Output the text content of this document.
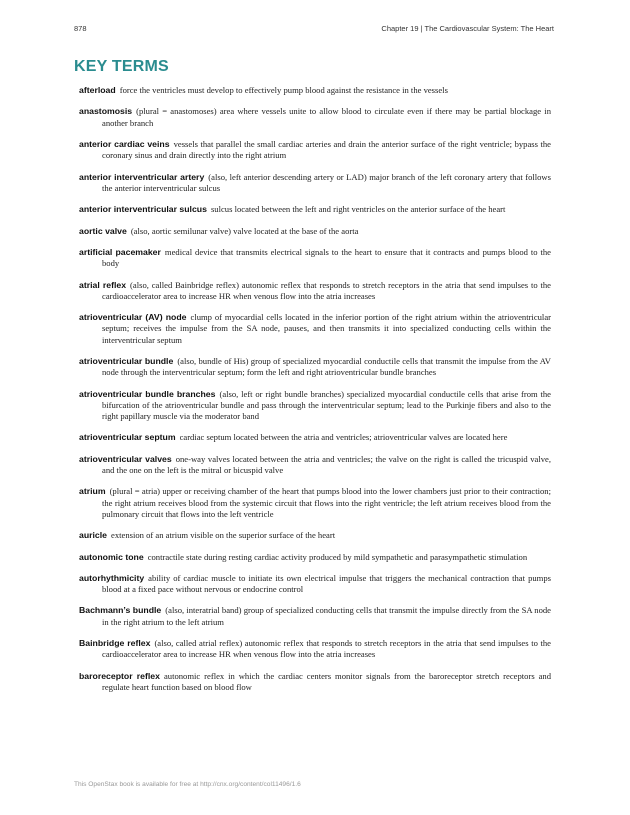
878	Chapter 19 | The Cardiovascular System: The Heart
KEY TERMS

afterload force the ventricles must develop to effectively pump blood against the resistance in the vessels

anastomosis (plural = anastomoses) area where vessels unite to allow blood to circulate even if there may be partial blockage in another branch

anterior cardiac veins vessels that parallel the small cardiac arteries and drain the anterior surface of the right ventricle; bypass the coronary sinus and drain directly into the right atrium

anterior interventricular artery (also, left anterior descending artery or LAD) major branch of the left coronary artery that follows the anterior interventricular sulcus

anterior interventricular sulcus sulcus located between the left and right ventricles on the anterior surface of the heart

aortic valve (also, aortic semilunar valve) valve located at the base of the aorta

artificial pacemaker medical device that transmits electrical signals to the heart to ensure that it contracts and pumps blood to the body

atrial reflex (also, called Bainbridge reflex) autonomic reflex that responds to stretch receptors in the atria that send impulses to the cardioaccelerator area to increase HR when venous flow into the atria increases

atrioventricular (AV) node clump of myocardial cells located in the inferior portion of the right atrium within the atrioventricular septum; receives the impulse from the SA node, pauses, and then transmits it into specialized conducting cells within the interventricular septum

atrioventricular bundle (also, bundle of His) group of specialized myocardial conductile cells that transmit the impulse from the AV node through the interventricular septum; form the left and right atrioventricular bundle branches

atrioventricular bundle branches (also, left or right bundle branches) specialized myocardial conductile cells that arise from the bifurcation of the atrioventricular bundle and pass through the interventricular septum; lead to the Purkinje fibers and also to the right papillary muscle via the moderator band

atrioventricular septum cardiac septum located between the atria and ventricles; atrioventricular valves are located here

atrioventricular valves one-way valves located between the atria and ventricles; the valve on the right is called the tricuspid valve, and the one on the left is the mitral or bicuspid valve

atrium (plural = atria) upper or receiving chamber of the heart that pumps blood into the lower chambers just prior to their contraction; the right atrium receives blood from the systemic circuit that flows into the right ventricle; the left atrium receives blood from the pulmonary circuit that flows into the left ventricle

auricle extension of an atrium visible on the superior surface of the heart

autonomic tone contractile state during resting cardiac activity produced by mild sympathetic and parasympathetic stimulation

autorhythmicity ability of cardiac muscle to initiate its own electrical impulse that triggers the mechanical contraction that pumps blood at a fixed pace without nervous or endocrine control

Bachmann’s bundle (also, interatrial band) group of specialized conducting cells that transmit the impulse directly from the SA node in the right atrium to the left atrium

Bainbridge reflex (also, called atrial reflex) autonomic reflex that responds to stretch receptors in the atria that send impulses to the cardioaccelerator area to increase HR when venous flow into the atria increases

baroreceptor reflex autonomic reflex in which the cardiac centers monitor signals from the baroreceptor stretch receptors and regulate heart function based on blood flow

This OpenStax book is available for free at http://cnx.org/content/col11496/1.6
